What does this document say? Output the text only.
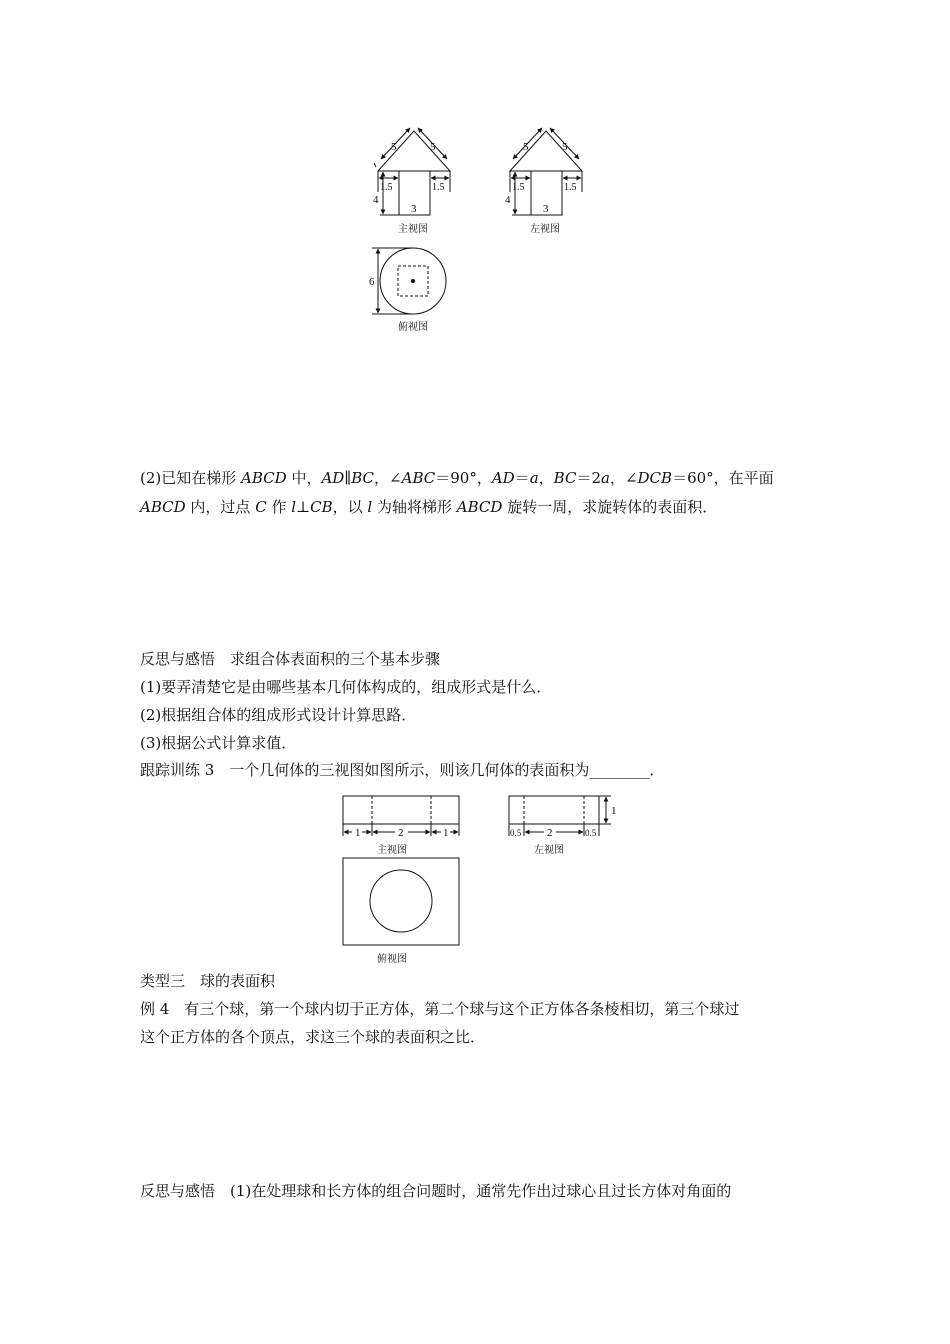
5	5
1.5	1.5
4
3
主视图
5	5
1.5	1.5
4
3
左视图
6
俯视图
(2)已知在梯形 ABCD 中，AD∥BC，∠ABC＝90°，AD＝a，BC＝2a，∠DCB＝60°，在平面
ABCD 内，过点 C 作 l⊥CB，以 l 为轴将梯形 ABCD 旋转一周，求旋转体的表面积．
反思与感悟　求组合体表面积的三个基本步骤
(1)要弄清楚它是由哪些基本几何体构成的，组成形式是什么．
(2)根据组合体的组成形式设计计算思路．
(3)根据公式计算求值．
跟踪训练 3　一个几何体的三视图如图所示，则该几何体的表面积为________．
1	2	1
主视图
0.5 2	0.5
1
左视图
俯视图
类型三　球的表面积
例 4　有三个球，第一个球内切于正方体，第二个球与这个正方体各条棱相切，第三个球过
这个正方体的各个顶点，求这三个球的表面积之比．
反思与感悟　(1)在处理球和长方体的组合问题时，通常先作出过球心且过长方体对角面的
